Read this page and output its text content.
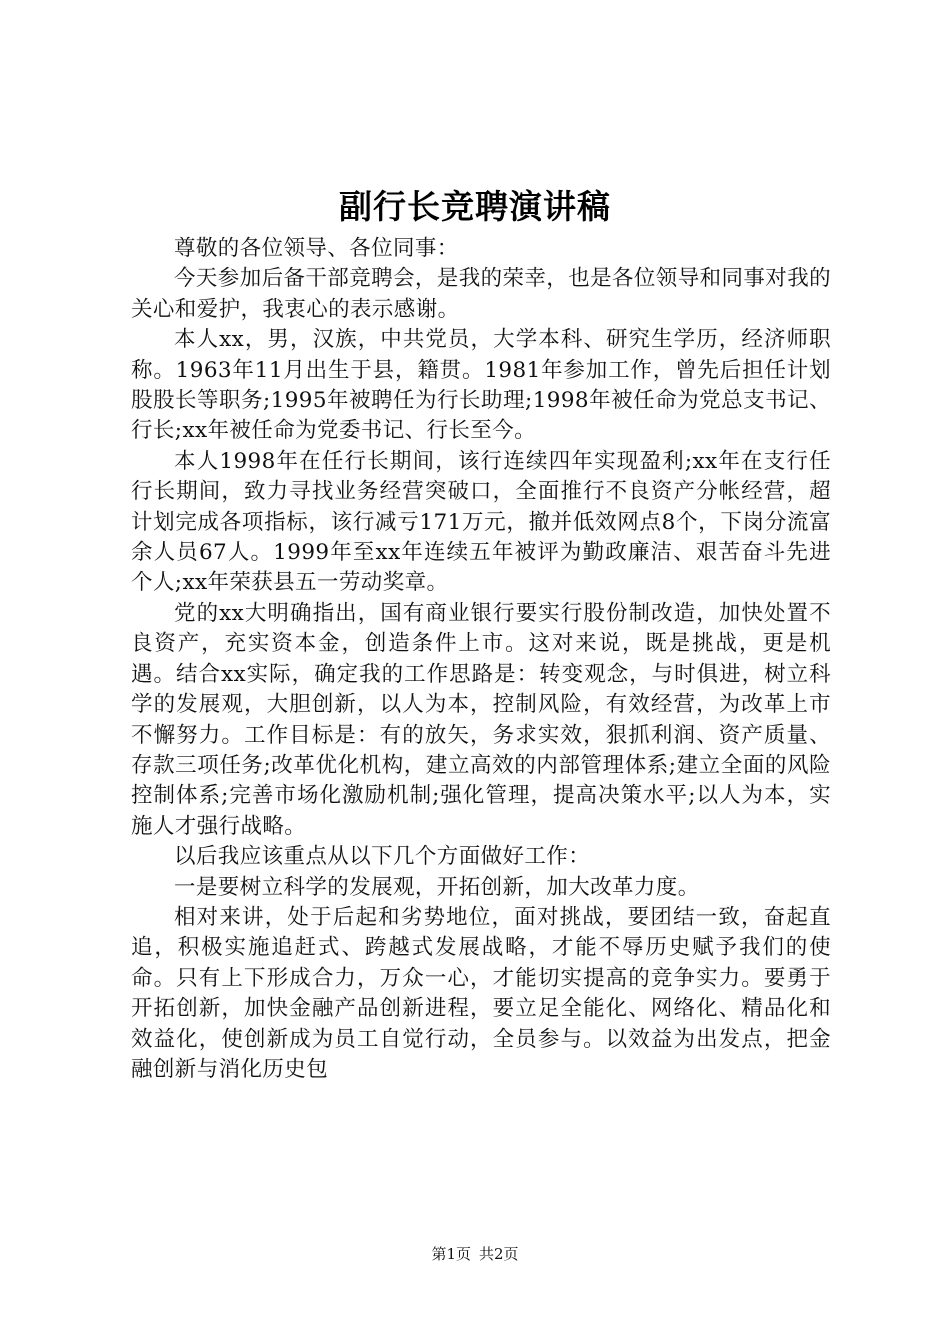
副行长竞聘演讲稿

尊敬的各位领导、各位同事：

今天参加后备干部竞聘会，是我的荣幸，也是各位领导和同事对我的关心和爱护，我衷心的表示感谢。

本人xx，男，汉族，中共党员，大学本科、研究生学历，经济师职称。1963年11月出生于县，籍贯。1981年参加工作，曾先后担任计划股股长等职务;1995年被聘任为行长助理;1998年被任命为党总支书记、行长;xx年被任命为党委书记、行长至今。

本人1998年在任行长期间，该行连续四年实现盈利;xx年在支行任行长期间，致力寻找业务经营突破口，全面推行不良资产分帐经营，超计划完成各项指标，该行减亏171万元，撤并低效网点8个，下岗分流富余人员67人。1999年至xx年连续五年被评为勤政廉洁、艰苦奋斗先进个人;xx年荣获县五一劳动奖章。

党的xx大明确指出，国有商业银行要实行股份制改造，加快处置不良资产，充实资本金，创造条件上市。这对来说，既是挑战，更是机遇。结合xx实际，确定我的工作思路是：转变观念，与时俱进，树立科学的发展观，大胆创新，以人为本，控制风险，有效经营，为改革上市不懈努力。工作目标是：有的放矢，务求实效，狠抓利润、资产质量、存款三项任务;改革优化机构，建立高效的内部管理体系;建立全面的风险控制体系;完善市场化激励机制;强化管理，提高决策水平;以人为本，实施人才强行战略。

以后我应该重点从以下几个方面做好工作：

一是要树立科学的发展观，开拓创新，加大改革力度。

相对来讲，处于后起和劣势地位，面对挑战，要团结一致，奋起直追，积极实施追赶式、跨越式发展战略，才能不辱历史赋予我们的使命。只有上下形成合力，万众一心，才能切实提高的竞争实力。要勇于开拓创新，加快金融产品创新进程，要立足全能化、网络化、精品化和效益化，使创新成为员工自觉行动，全员参与。以效益为出发点，把金融创新与消化历史包

第1页 共2页
